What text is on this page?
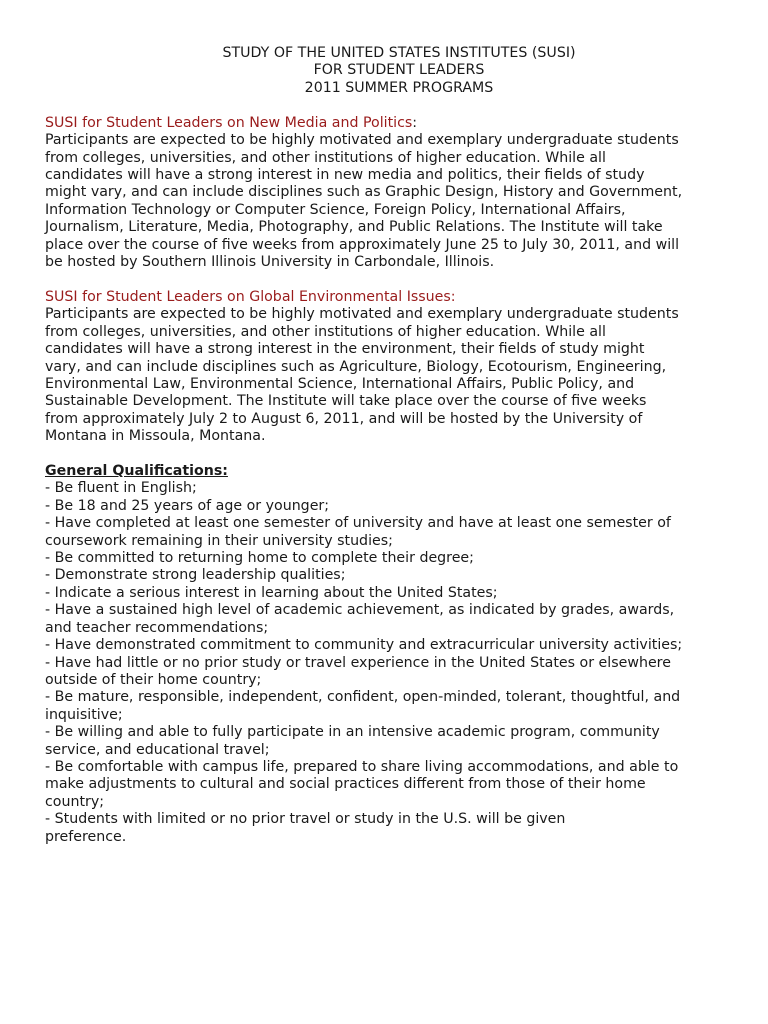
STUDY OF THE UNITED STATES INSTITUTES (SUSI)
FOR STUDENT LEADERS
2011 SUMMER PROGRAMS
SUSI for Student Leaders on New Media and Politics:
Participants are expected to be highly motivated and exemplary undergraduate students
from colleges, universities, and other institutions of higher education. While all
candidates will have a strong interest in new media and politics, their fields of study
might vary, and can include disciplines such as Graphic Design, History and Government,
Information Technology or Computer Science, Foreign Policy, International Affairs,
Journalism, Literature, Media, Photography, and Public Relations. The Institute will take
place over the course of five weeks from approximately June 25 to July 30, 2011, and will
be hosted by Southern Illinois University in Carbondale, Illinois.
SUSI for Student Leaders on Global Environmental Issues:
Participants are expected to be highly motivated and exemplary undergraduate students
from colleges, universities, and other institutions of higher education. While all
candidates will have a strong interest in the environment, their fields of study might
vary, and can include disciplines such as Agriculture, Biology, Ecotourism, Engineering,
Environmental Law, Environmental Science, International Affairs, Public Policy, and
Sustainable Development. The Institute will take place over the course of five weeks
from approximately July 2 to August 6, 2011, and will be hosted by the University of
Montana in Missoula, Montana.
General Qualifications:
- Be fluent in English;
- Be 18 and 25 years of age or younger;
- Have completed at least one semester of university and have at least one semester of
coursework remaining in their university studies;
- Be committed to returning home to complete their degree;
- Demonstrate strong leadership qualities;
- Indicate a serious interest in learning about the United States;
- Have a sustained high level of academic achievement, as indicated by grades, awards,
and teacher recommendations;
- Have demonstrated commitment to community and extracurricular university activities;
- Have had little or no prior study or travel experience in the United States or elsewhere
outside of their home country;
- Be mature, responsible, independent, confident, open-minded, tolerant, thoughtful, and
inquisitive;
- Be willing and able to fully participate in an intensive academic program, community
service, and educational travel;
- Be comfortable with campus life, prepared to share living accommodations, and able to
make adjustments to cultural and social practices different from those of their home
country;
- Students with limited or no prior travel or study in the U.S. will be given
preference.
